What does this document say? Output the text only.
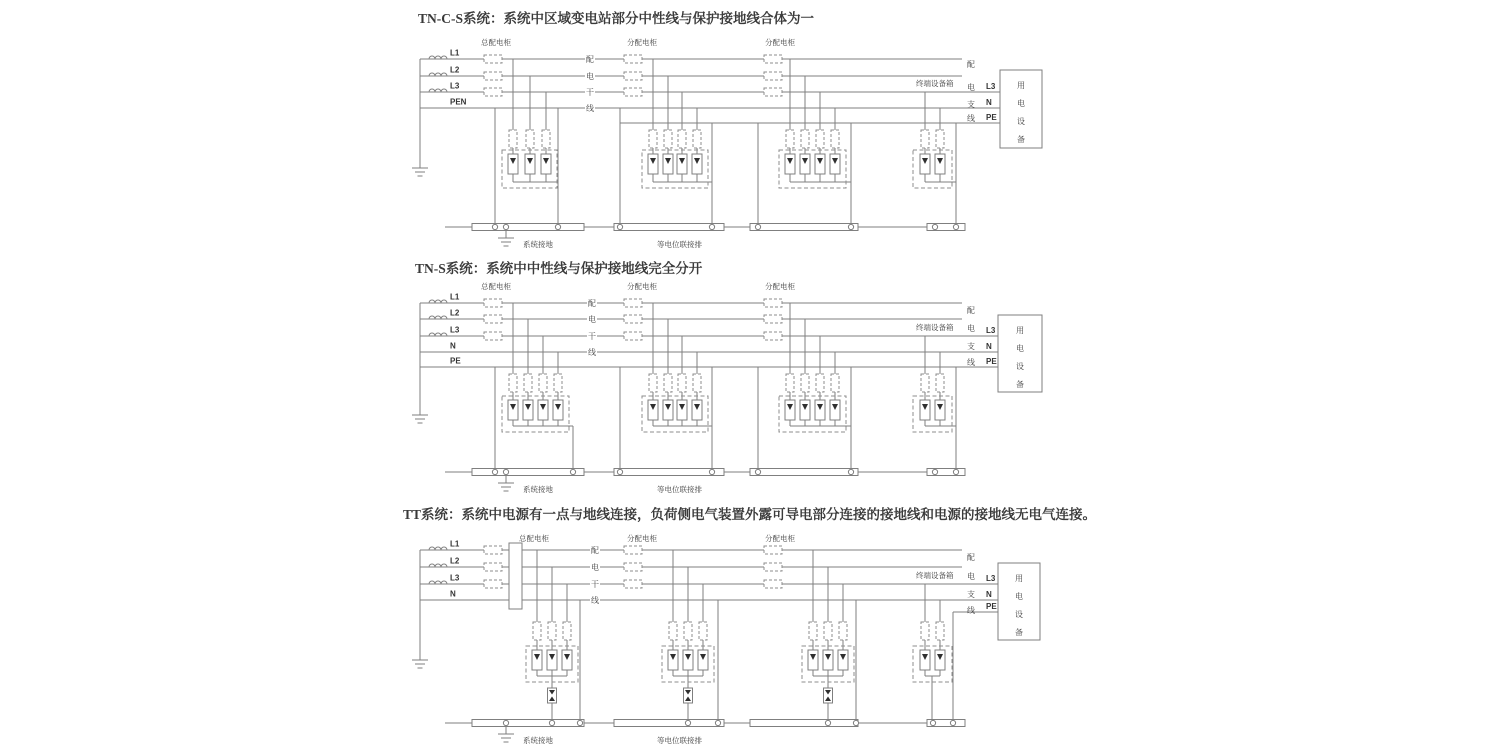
TN-C-S系统：系统中区域变电站部分中性线与保护接地线合体为一
总配电柜	分配电柜	分配电柜
L1
L2
L3
PEN
配
电
干
线
配
电
支
线
终端设备箱	L3
N
PE
用
电
设
备
系统接地	等电位联接排
TN-S系统：系统中中性线与保护接地线完全分开
总配电柜	分配电柜	分配电柜
L1
L2
L3
N
PE
配
电
干
线
配
电
支
线
终端设备箱	L3
N
PE
用
电
设
备
系统接地	等电位联接排
TT系统：系统中电源有一点与地线连接，负荷侧电气装置外露可导电部分连接的接地线和电源的接地线无电气连接。
总配电柜	分配电柜	分配电柜
L1
L2
L3
N
配
电
干
线
配
电
支
线
终端设备箱	L3
N
PE
用
电
设
备
系统接地	等电位联接排
